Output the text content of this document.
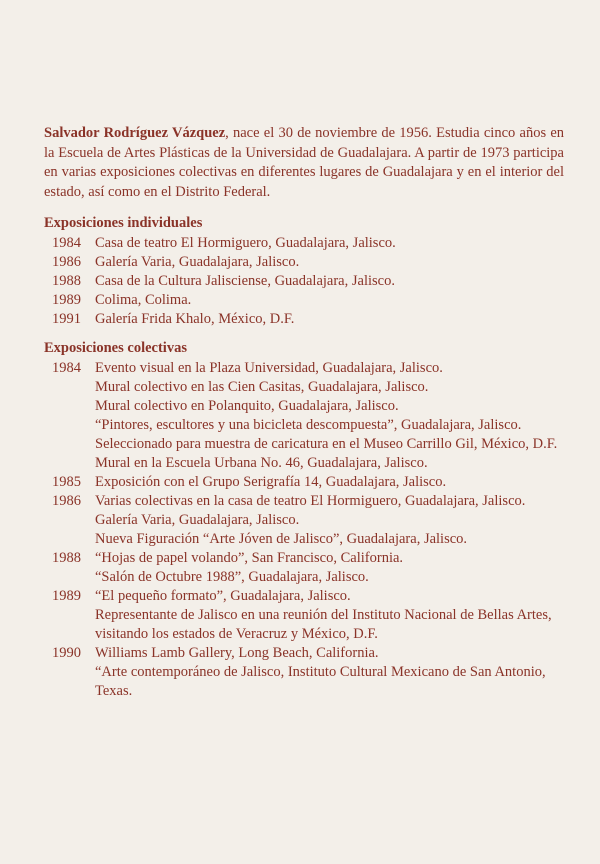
Salvador Rodríguez Vázquez, nace el 30 de noviembre de 1956. Estudia cinco años en la Escuela de Artes Plásticas de la Universidad de Guadalajara. A partir de 1973 participa en varias exposiciones colectivas en diferentes lugares de Guadalajara y en el interior del estado, así como en el Distrito Federal.

Exposiciones individuales
1984 Casa de teatro El Hormiguero, Guadalajara, Jalisco.
1986 Galería Varia, Guadalajara, Jalisco.
1988 Casa de la Cultura Jalisciense, Guadalajara, Jalisco.
1989 Colima, Colima.
1991 Galería Frida Khalo, México, D.F.
Exposiciones colectivas
1984 Evento visual en la Plaza Universidad, Guadalajara, Jalisco.
Mural colectivo en las Cien Casitas, Guadalajara, Jalisco.
Mural colectivo en Polanquito, Guadalajara, Jalisco.
“Pintores, escultores y una bicicleta descompuesta”, Guadalajara, Jalisco.
Seleccionado para muestra de caricatura en el Museo Carrillo Gil, México, D.F.
Mural en la Escuela Urbana No. 46, Guadalajara, Jalisco.
1985 Exposición con el Grupo Serigrafía 14, Guadalajara, Jalisco.
1986 Varias colectivas en la casa de teatro El Hormiguero, Guadalajara, Jalisco.
Galería Varia, Guadalajara, Jalisco.
Nueva Figuración “Arte Jóven de Jalisco”, Guadalajara, Jalisco.
1988 “Hojas de papel volando”, San Francisco, California.
“Salón de Octubre 1988”, Guadalajara, Jalisco.
1989 “El pequeño formato”, Guadalajara, Jalisco.
Representante de Jalisco en una reunión del Instituto Nacional de Bellas Artes, visitando los estados de Veracruz y México, D.F.
1990 Williams Lamb Gallery, Long Beach, California.
“Arte contemporáneo de Jalisco, Instituto Cultural Mexicano de San Antonio, Texas.
